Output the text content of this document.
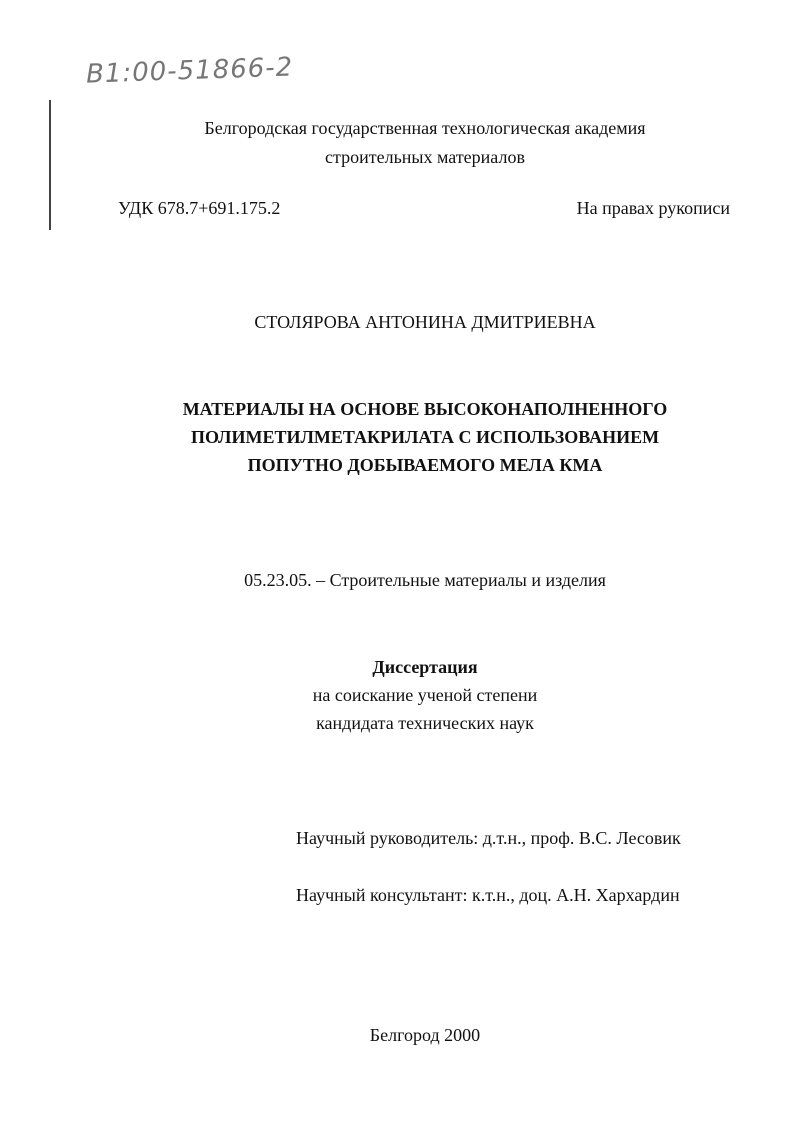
В1:00-51866-2
Белгородская государственная технологическая академия
строительных материалов
УДК 678.7+691.175.2	На правах рукописи
СТОЛЯРОВА АНТОНИНА ДМИТРИЕВНА
МАТЕРИАЛЫ НА ОСНОВЕ ВЫСОКОНАПОЛНЕННОГО
ПОЛИМЕТИЛМЕТАКРИЛАТА С ИСПОЛЬЗОВАНИЕМ
ПОПУТНО ДОБЫВАЕМОГО МЕЛА КМА
05.23.05. – Строительные материалы и изделия
Диссертация
на соискание ученой степени
кандидата технических наук
Научный руководитель: д.т.н., проф. В.С. Лесовик
Научный консультант: к.т.н., доц. А.Н. Хархардин
Белгород 2000
